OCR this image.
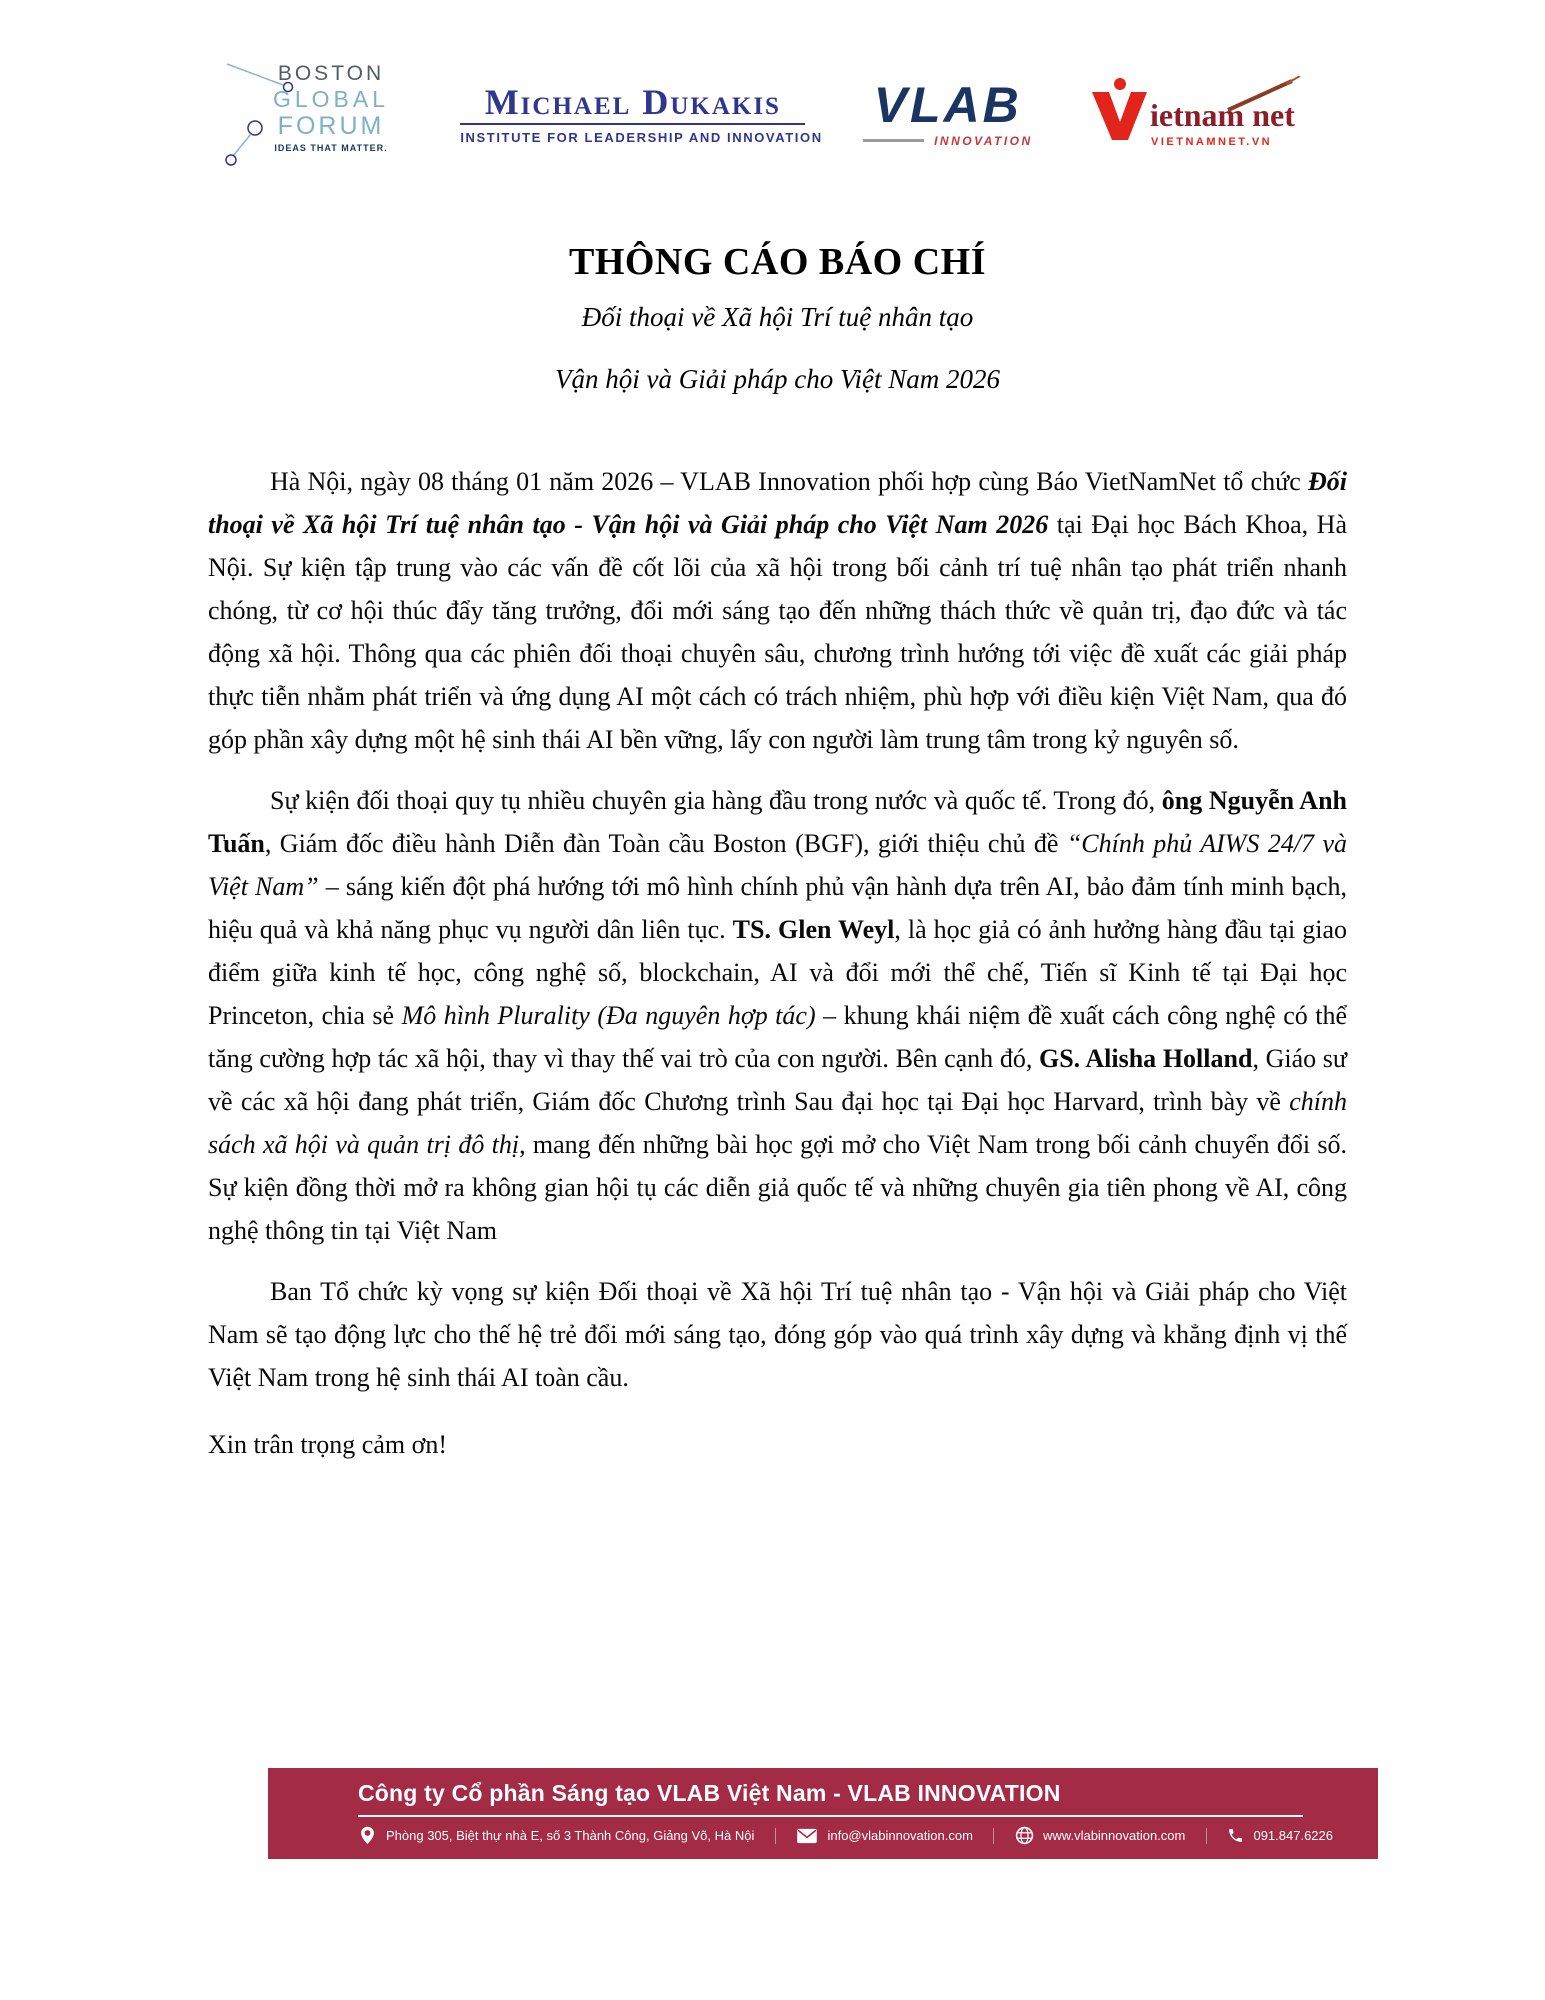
BOSTON
GLOBAL
FORUM
IDEAS THAT MATTER.
Michael Dukakis
INSTITUTE FOR LEADERSHIP AND INNOVATION
VLAB
INNOVATION
ietnam net
VIETNAMNET.VN
THÔNG CÁO BÁO CHÍ
Đối thoại về Xã hội Trí tuệ nhân tạo
Vận hội và Giải pháp cho Việt Nam 2026

Hà Nội, ngày 08 tháng 01 năm 2026 – VLAB Innovation phối hợp cùng Báo VietNamNet tổ chức Đối thoại về Xã hội Trí tuệ nhân tạo - Vận hội và Giải pháp cho Việt Nam 2026 tại Đại học Bách Khoa, Hà Nội. Sự kiện tập trung vào các vấn đề cốt lõi của xã hội trong bối cảnh trí tuệ nhân tạo phát triển nhanh chóng, từ cơ hội thúc đẩy tăng trưởng, đổi mới sáng tạo đến những thách thức về quản trị, đạo đức và tác động xã hội. Thông qua các phiên đối thoại chuyên sâu, chương trình hướng tới việc đề xuất các giải pháp thực tiễn nhằm phát triển và ứng dụng AI một cách có trách nhiệm, phù hợp với điều kiện Việt Nam, qua đó góp phần xây dựng một hệ sinh thái AI bền vững, lấy con người làm trung tâm trong kỷ nguyên số.

Sự kiện đối thoại quy tụ nhiều chuyên gia hàng đầu trong nước và quốc tế. Trong đó, ông Nguyễn Anh Tuấn, Giám đốc điều hành Diễn đàn Toàn cầu Boston (BGF), giới thiệu chủ đề “Chính phủ AIWS 24/7 và Việt Nam” – sáng kiến đột phá hướng tới mô hình chính phủ vận hành dựa trên AI, bảo đảm tính minh bạch, hiệu quả và khả năng phục vụ người dân liên tục. TS. Glen Weyl, là học giả có ảnh hưởng hàng đầu tại giao điểm giữa kinh tế học, công nghệ số, blockchain, AI và đổi mới thể chế, Tiến sĩ Kinh tế tại Đại học Princeton, chia sẻ Mô hình Plurality (Đa nguyên hợp tác) – khung khái niệm đề xuất cách công nghệ có thể tăng cường hợp tác xã hội, thay vì thay thế vai trò của con người. Bên cạnh đó, GS. Alisha Holland, Giáo sư về các xã hội đang phát triển, Giám đốc Chương trình Sau đại học tại Đại học Harvard, trình bày về chính sách xã hội và quản trị đô thị, mang đến những bài học gợi mở cho Việt Nam trong bối cảnh chuyển đổi số. Sự kiện đồng thời mở ra không gian hội tụ các diễn giả quốc tế và những chuyên gia tiên phong về AI, công nghệ thông tin tại Việt Nam

Ban Tổ chức kỳ vọng sự kiện Đối thoại về Xã hội Trí tuệ nhân tạo - Vận hội và Giải pháp cho Việt Nam sẽ tạo động lực cho thế hệ trẻ đổi mới sáng tạo, đóng góp vào quá trình xây dựng và khẳng định vị thế Việt Nam trong hệ sinh thái AI toàn cầu.

Xin trân trọng cảm ơn!

Công ty Cổ phần Sáng tạo VLAB Việt Nam - VLAB INNOVATION
Phòng 305, Biệt thự nhà E, số 3 Thành Công, Giảng Võ, Hà Nội	info@vlabinnovation.com	www.vlabinnovation.com	091.847.6226
